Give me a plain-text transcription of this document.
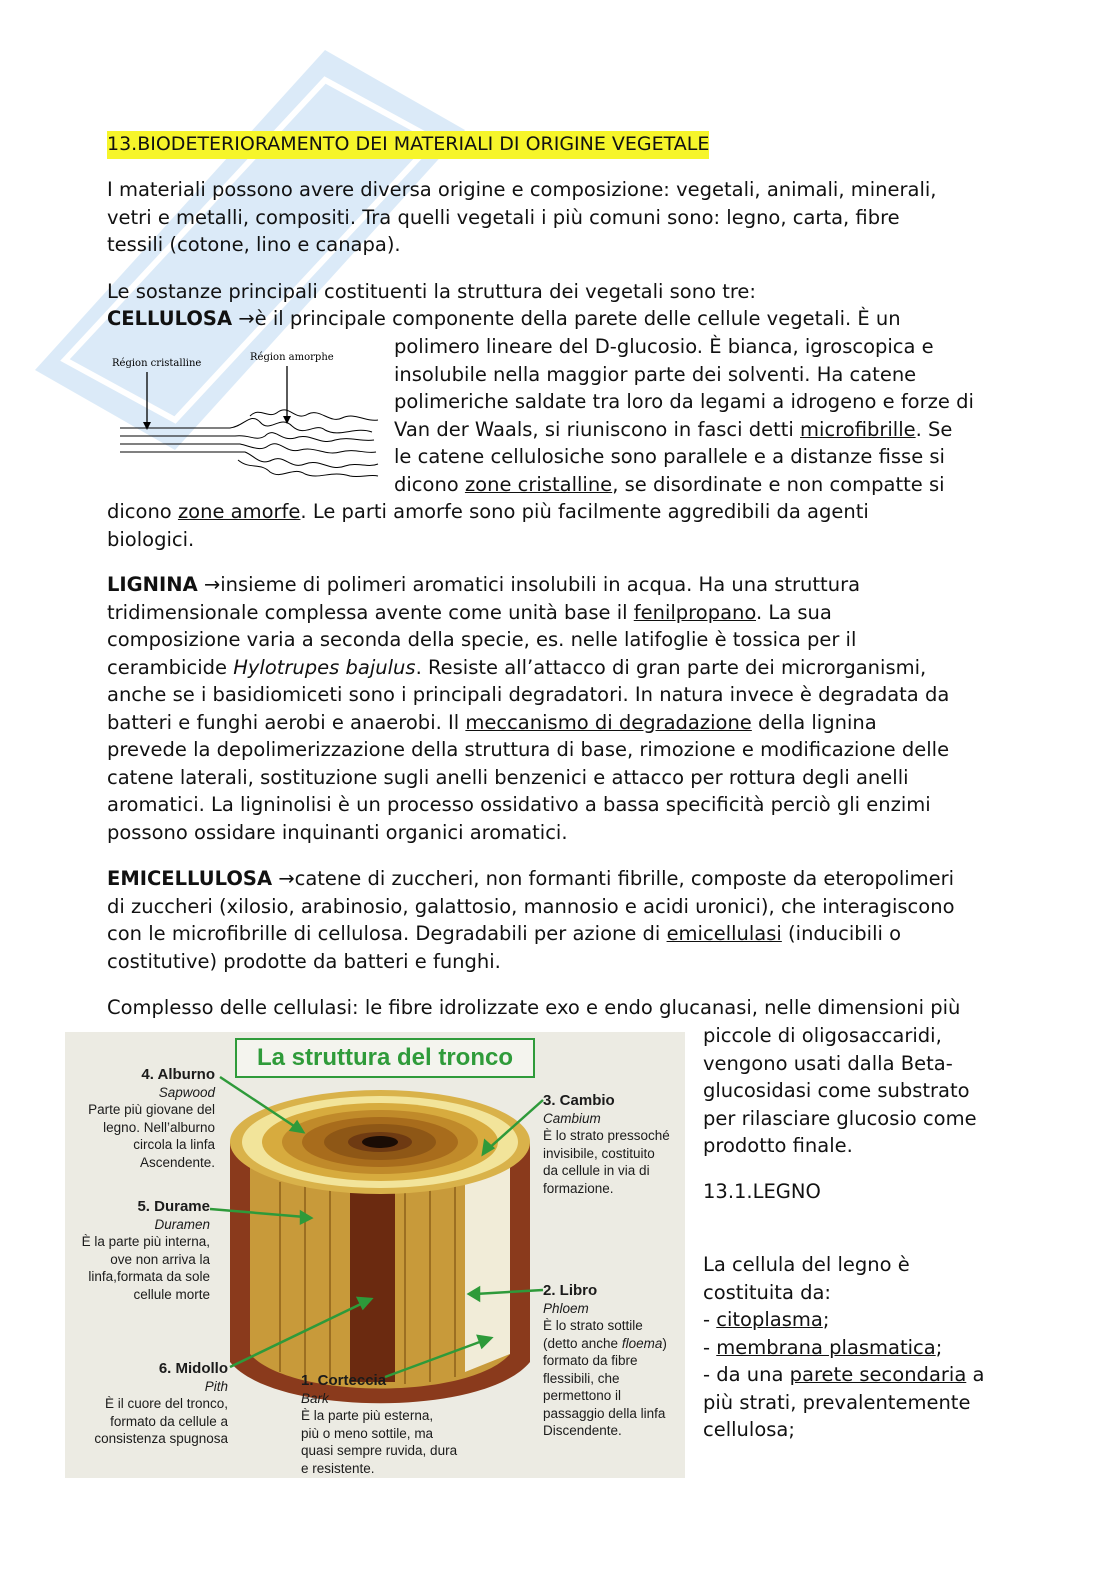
13.BIODETERIORAMENTO DEI MATERIALI DI ORIGINE VEGETALE
I materiali possono avere diversa origine e composizione: vegetali, animali, minerali,
vetri e metalli, compositi. Tra quelli vegetali i più comuni sono: legno, carta, fibre
tessili (cotone, lino e canapa).
Le sostanze principali costituenti la struttura dei vegetali sono tre:
CELLULOSA →è il principale componente della parete delle cellule vegetali. È un
Région cristalline
Région amorphe	polimero lineare del D-glucosio. È bianca, igroscopica e
insolubile nella maggior parte dei solventi. Ha catene
polimeriche saldate tra loro da legami a idrogeno e forze di
Van der Waals, si riuniscono in fasci detti microfibrille. Se
le catene cellulosiche sono parallele e a distanze fisse si
dicono zone cristalline, se disordinate e non compatte si
dicono zone amorfe. Le parti amorfe sono più facilmente aggredibili da agenti
biologici.
LIGNINA →insieme di polimeri aromatici insolubili in acqua. Ha una struttura
tridimensionale complessa avente come unità base il fenilpropano. La sua
composizione varia a seconda della specie, es. nelle latifoglie è tossica per il
cerambicide Hylotrupes bajulus. Resiste all’attacco di gran parte dei microrganismi,
anche se i basidiomiceti sono i principali degradatori. In natura invece è degradata da
batteri e funghi aerobi e anaerobi. Il meccanismo di degradazione della lignina
prevede la depolimerizzazione della struttura di base, rimozione e modificazione delle
catene laterali, sostituzione sugli anelli benzenici e attacco per rottura degli anelli
aromatici. La ligninolisi è un processo ossidativo a bassa specificità perciò gli enzimi
possono ossidare inquinanti organici aromatici.
EMICELLULOSA →catene di zuccheri, non formanti fibrille, composte da eteropolimeri
di zuccheri (xilosio, arabinosio, galattosio, mannosio e acidi uronici), che interagiscono
con le microfibrille di cellulosa. Degradabili per azione di emicellulasi (inducibili o
costitutive) prodotte da batteri e funghi.
Complesso delle cellulasi: le fibre idrolizzate exo e endo glucanasi, nelle dimensioni più
piccole di oligosaccaridi,
vengono usati dalla Beta-
glucosidasi come substrato
per rilasciare glucosio come
prodotto finale.
13.1.LEGNO
La cellula del legno è
costituita da:
- citoplasma;
- membrana plasmatica;
- da una parete secondaria a
più strati, prevalentemente
cellulosa;
La struttura del tronco
4. Alburno
Sapwood
Parte più giovane del
legno. Nell’alburno
circola la linfa
Ascendente.
5. Durame
Duramen
È la parte più interna,
ove non arriva la
linfa,formata da sole
cellule morte
6. Midollo
Pith
È il cuore del tronco,
formato da cellule a
consistenza spugnosa
1. Corteccia
Bark
È la parte più esterna,
più o meno sottile, ma
quasi sempre ruvida, dura
e resistente.
3. Cambio
Cambium
È lo strato pressoché
invisibile, costituito
da cellule in via di
formazione.
2. Libro
Phloem
È lo strato sottile
(detto anche floema)
formato da fibre
flessibili, che
permettono il
passaggio della linfa
Discendente.
